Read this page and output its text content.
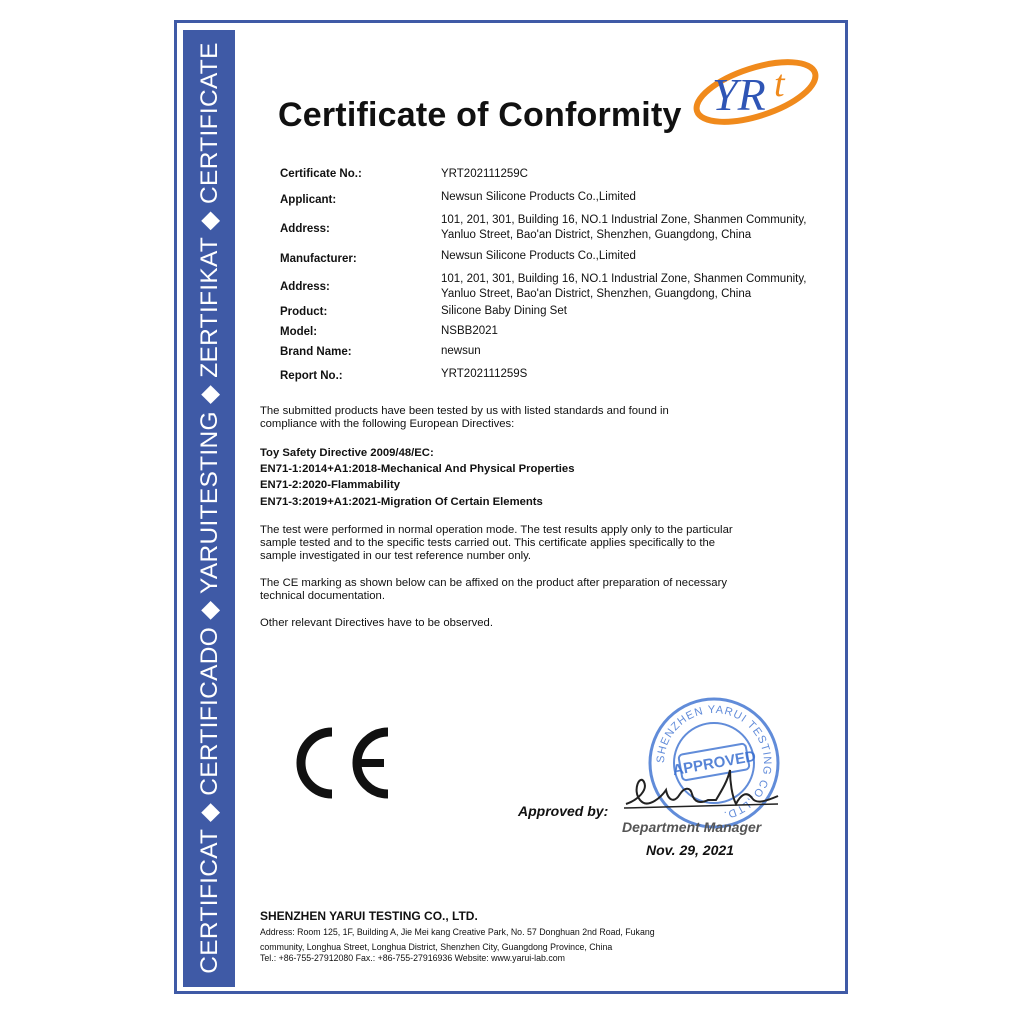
CERTIFICAT ◆ CERTIFICADO ◆ YARUITESTING ◆ ZERTIFIKAT ◆ CERTIFICATE	YR t
Certificate of Conformity
Certificate No.:	YRT202111259C
Applicant:	Newsun Silicone Products Co.,Limited
Address:
101, 201, 301, Building 16, NO.1 Industrial Zone, Shanmen Community,
Yanluo Street, Bao'an District, Shenzhen, Guangdong, China
Manufacturer:	Newsun Silicone Products Co.,Limited
Address:
101, 201, 301, Building 16, NO.1 Industrial Zone, Shanmen Community,
Yanluo Street, Bao'an District, Shenzhen, Guangdong, China
Product:	Silicone Baby Dining Set
Model:	NSBB2021
Brand Name:	newsun
Report No.:	YRT202111259S
The submitted products have been tested by us with listed standards and found in
compliance with the following European Directives:
Toy Safety Directive 2009/48/EC:
EN71-1:2014+A1:2018-Mechanical And Physical Properties
EN71-2:2020-Flammability
EN71-3:2019+A1:2021-Migration Of Certain Elements
The test were performed in normal operation mode. The test results apply only to the particular
sample tested and to the specific tests carried out. This certificate applies specifically to the
sample investigated in our test reference number only.
The CE marking as shown below can be affixed on the product after preparation of necessary
technical documentation.
Other relevant Directives have to be observed.
SHENZHEN YARUI TESTING CO.,LTD.
APPROVED
Approved by:
Department Manager
Nov. 29, 2021
SHENZHEN YARUI TESTING CO., LTD.
Address: Room 125, 1F, Building A, Jie Mei kang Creative Park, No. 57 Donghuan 2nd Road, Fukang
community, Longhua Street, Longhua District, Shenzhen City, Guangdong Province, China
Tel.: +86-755-27912080 Fax.: +86-755-27916936 Website: www.yarui-lab.com
